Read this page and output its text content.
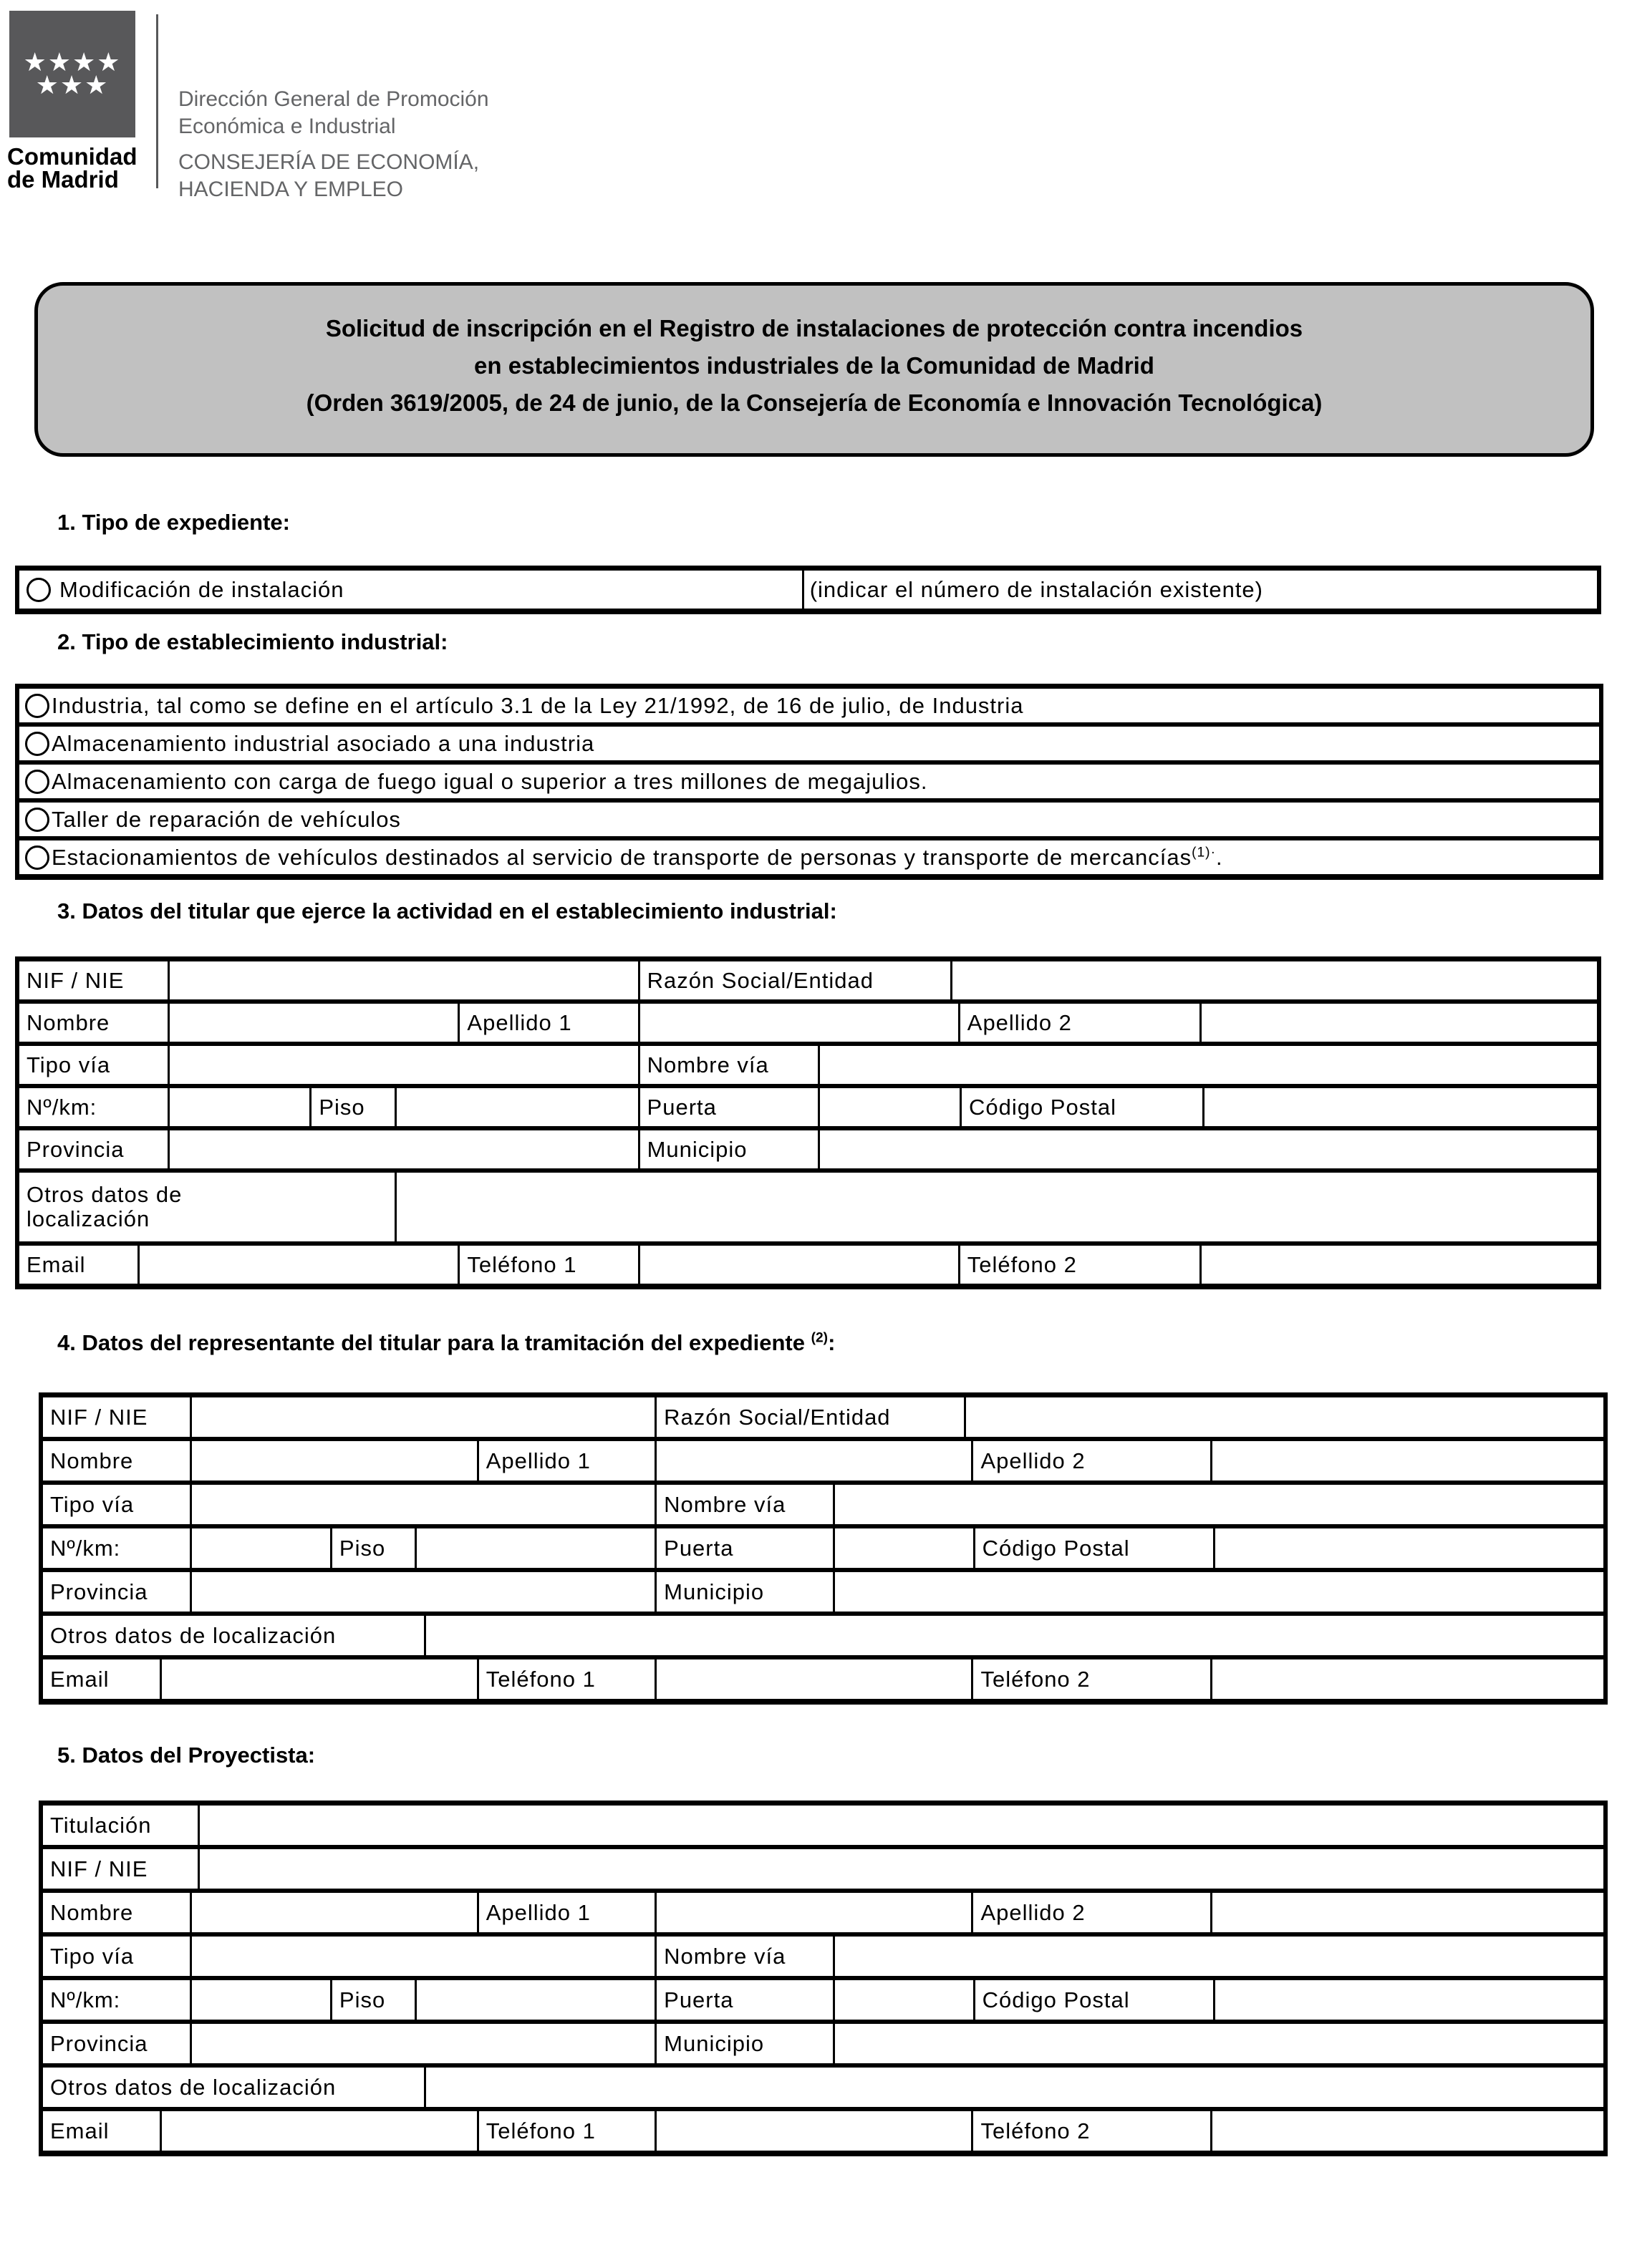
★★★★
★★★
Comunidad
de Madrid
Dirección General de Promoción
Económica e Industrial
CONSEJERÍA DE ECONOMÍA,
HACIENDA Y EMPLEO
Solicitud de inscripción en el Registro de instalaciones de protección contra incendios
en establecimientos industriales de la Comunidad de Madrid
(Orden 3619/2005, de 24 de junio, de la Consejería de Economía e Innovación Tecnológica)
1. Tipo de expediente:
Modificación de instalación	(indicar el número de instalación existente)
2. Tipo de establecimiento industrial:
Industria, tal como se define en el artículo 3.1 de la Ley 21/1992, de 16 de julio, de Industria
Almacenamiento industrial asociado a una industria
Almacenamiento con carga de fuego igual o superior a tres millones de megajulios.
Taller de reparación de vehículos
Estacionamientos de vehículos destinados al servicio de transporte de personas y transporte de mercancías$^{(1)\cdot}$.
3. Datos del titular que ejerce la actividad en el establecimiento industrial:
NIF / NIE	Razón Social/Entidad
Nombre	Apellido 1	Apellido 2
Tipo vía	Nombre vía
Nº/km:	Piso	Puerta	Código Postal
Provincia	Municipio
Otros datos de
localización
Email	Teléfono 1	Teléfono 2
4. Datos del representante del titular para la tramitación del expediente $^{(2)}$:
NIF / NIE	Razón Social/Entidad
Nombre	Apellido 1	Apellido 2
Tipo vía	Nombre vía
Nº/km:	Piso	Puerta	Código Postal
Provincia	Municipio
Otros datos de localización
Email	Teléfono 1	Teléfono 2
5. Datos del Proyectista:
Titulación
NIF / NIE
Nombre	Apellido 1	Apellido 2
Tipo vía	Nombre vía
Nº/km:	Piso	Puerta	Código Postal
Provincia	Municipio
Otros datos de localización
Email	Teléfono 1	Teléfono 2
